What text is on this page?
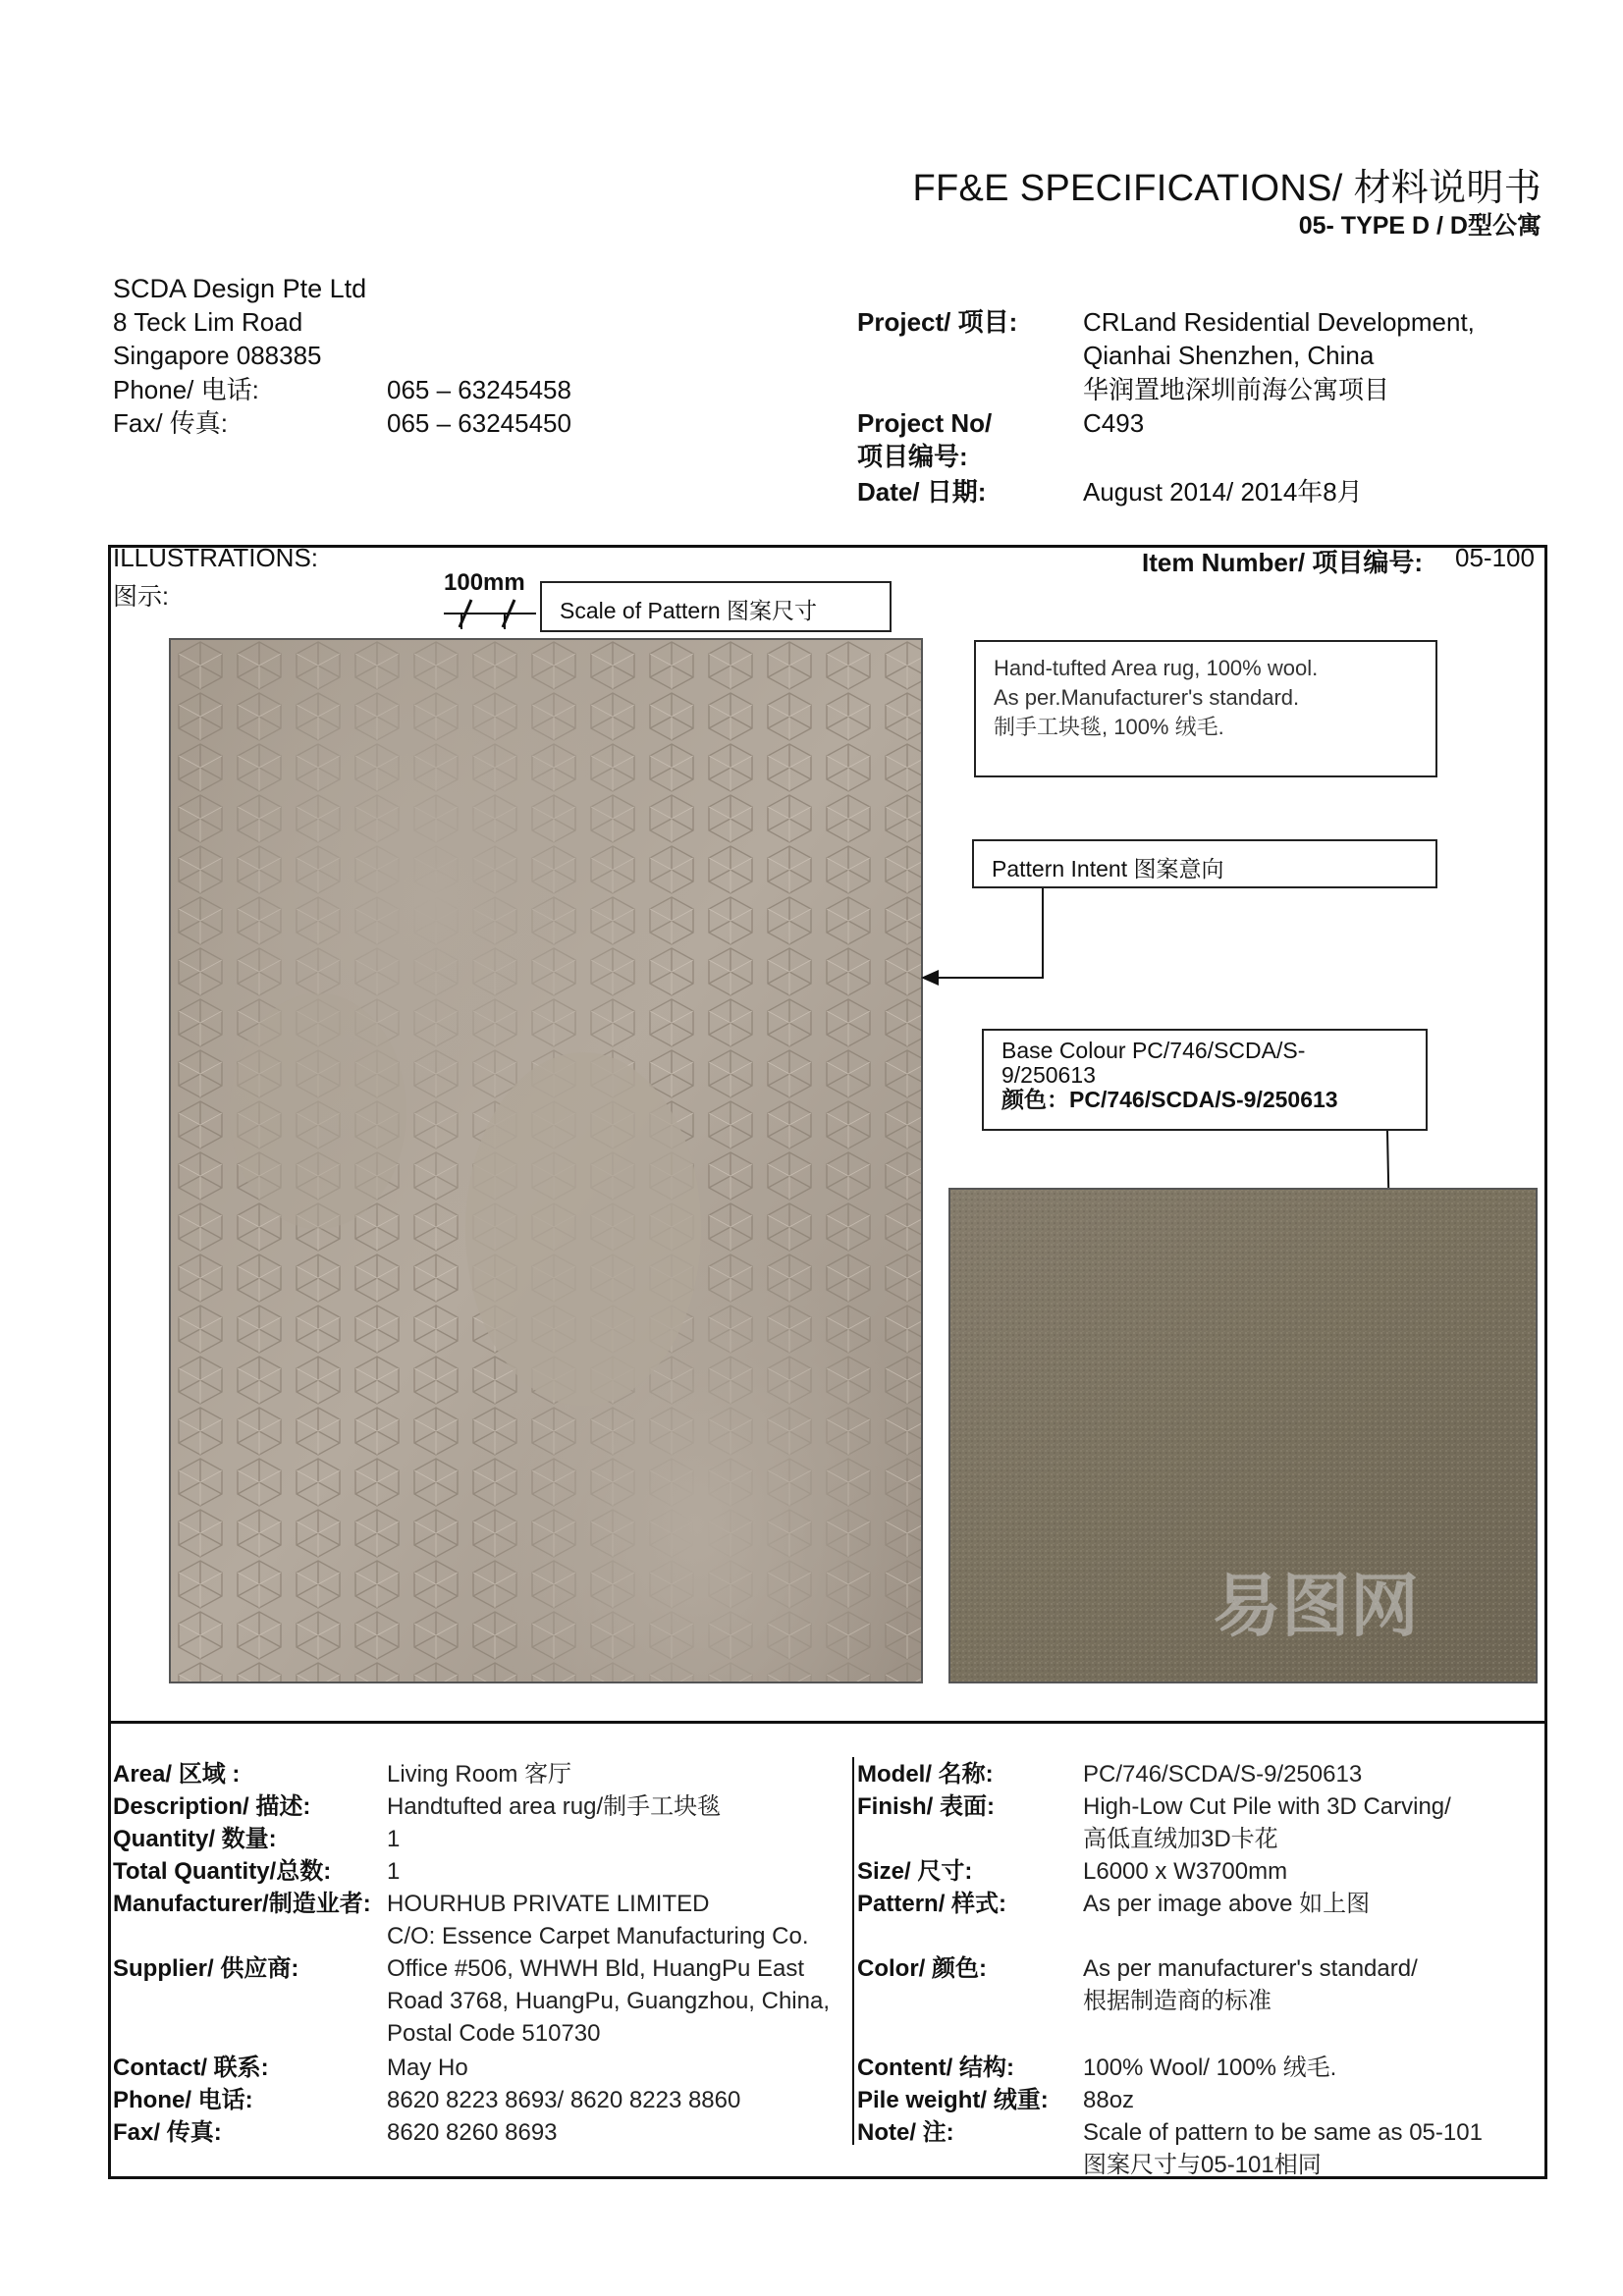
FF&E SPECIFICATIONS/ 材料说明书
05- TYPE D / D型公寓
SCDA Design Pte Ltd
8 Teck Lim Road
Singapore 088385
Phone/ 电话:	065 – 63245458
Fax/ 传真:	065 – 63245450
Project/ 项目:	CRLand Residential Development,
Qianhai Shenzhen, China
华润置地深圳前海公寓项目
Project No/
项目编号:
C493
Date/ 日期:	August 2014/ 2014年8月
ILLUSTRATIONS:
图示:
Item Number/ 项目编号: 05-100
100mm
Scale of Pattern 图案尺寸
Hand-tufted Area rug, 100% wool.
As per.Manufacturer's standard.
制手工块毯, 100% 绒毛.
Pattern Intent 图案意向
Base Colour PC/746/SCDA/S-
9/250613
颜色：PC/746/SCDA/S-9/250613
易图网
Area/ 区域 :	Living Room 客厅
Description/ 描述:	Handtufted area rug/制手工块毯
Quantity/ 数量:	1
Total Quantity/总数: 1
Manufacturer/制造业者: HOURHUB PRIVATE LIMITED
C/O: Essence Carpet Manufacturing Co.
Supplier/ 供应商:	Office #506, WHWH Bld, HuangPu East
Road 3768, HuangPu, Guangzhou, China,
Postal Code 510730
Contact/ 联系:	May Ho
Phone/ 电话:	8620 8223 8693/ 8620 8223 8860
Fax/ 传真:	8620 8260 8693
Model/ 名称:	PC/746/SCDA/S-9/250613
Finish/ 表面:	High-Low Cut Pile with 3D Carving/
高低直绒加3D卡花
Size/ 尺寸:	L6000 x W3700mm
Pattern/ 样式:	As per image above 如上图
Color/ 颜色:	As per manufacturer's standard/
根据制造商的标准
Content/ 结构:	100% Wool/ 100% 绒毛.
Pile weight/ 绒重: 88oz
Note/ 注:	Scale of pattern to be same as 05-101
图案尺寸与05-101相同
